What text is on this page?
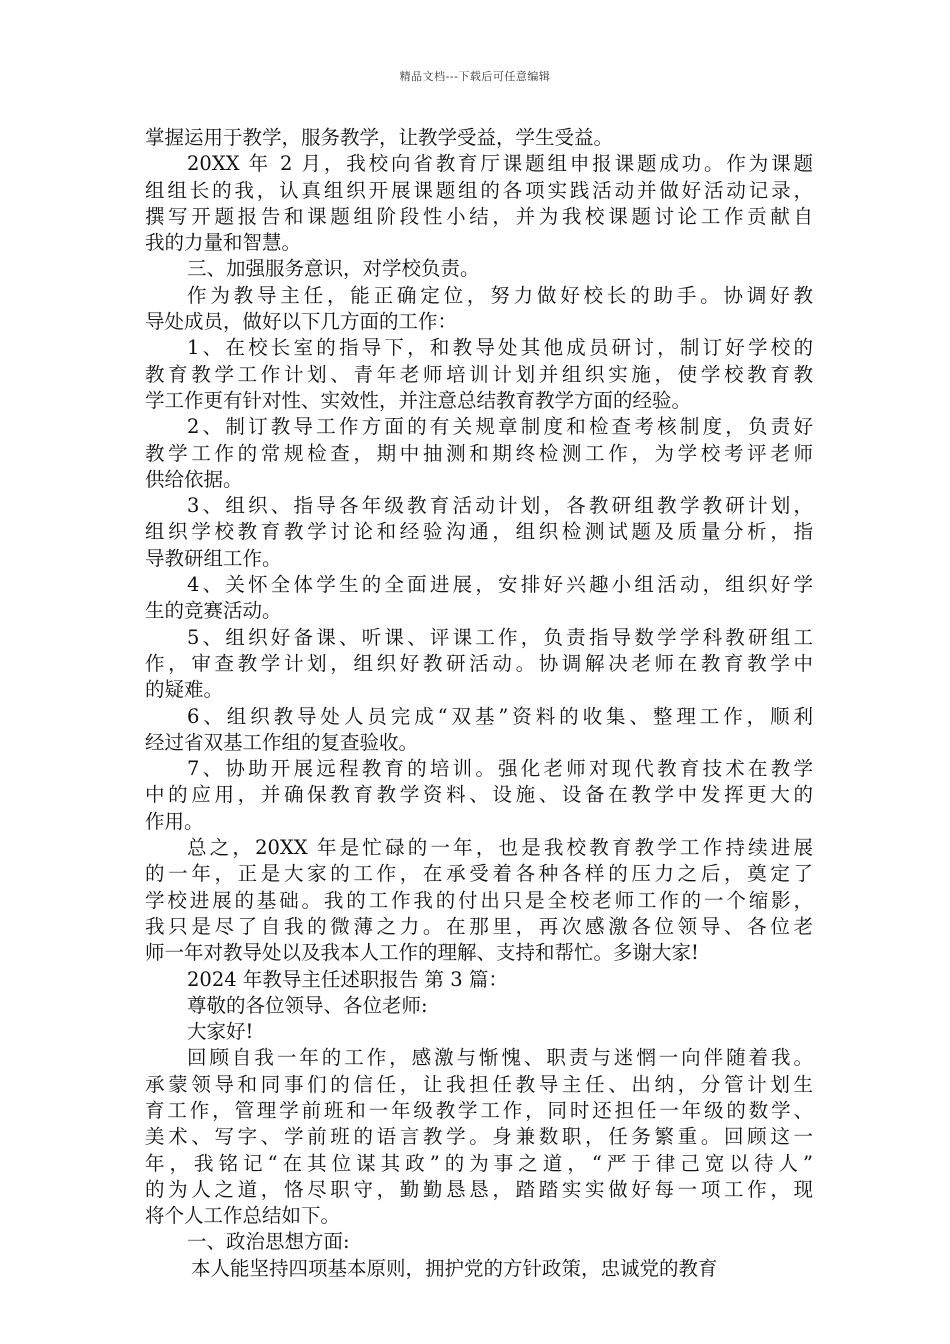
精品文档---下载后可任意编辑
掌握运用于教学，服务教学，让教学受益，学生受益。
20XX 年 2 月，我校向省教育厅课题组申报课题成功。作为课题
组组长的我，认真组织开展课题组的各项实践活动并做好活动记录，
撰写开题报告和课题组阶段性小结，并为我校课题讨论工作贡献自
我的力量和智慧。
三、加强服务意识，对学校负责。
作为教导主任，能正确定位，努力做好校长的助手。协调好教
导处成员，做好以下几方面的工作：
1、在校长室的指导下，和教导处其他成员研讨，制订好学校的
教育教学工作计划、青年老师培训计划并组织实施，使学校教育教
学工作更有针对性、实效性，并注意总结教育教学方面的经验。
2、制订教导工作方面的有关规章制度和检查考核制度，负责好
教学工作的常规检查，期中抽测和期终检测工作，为学校考评老师
供给依据。
3、组织、指导各年级教育活动计划，各教研组教学教研计划，
组织学校教育教学讨论和经验沟通，组织检测试题及质量分析，指
导教研组工作。
4、关怀全体学生的全面进展，安排好兴趣小组活动，组织好学
生的竞赛活动。
5、组织好备课、听课、评课工作，负责指导数学学科教研组工
作，审查教学计划，组织好教研活动。协调解决老师在教育教学中
的疑难。
6、组织教导处人员完成“双基”资料的收集、整理工作，顺利
经过省双基工作组的复查验收。
7、协助开展远程教育的培训。强化老师对现代教育技术在教学
中的应用，并确保教育教学资料、设施、设备在教学中发挥更大的
作用。
总之，20XX 年是忙碌的一年，也是我校教育教学工作持续进展
的一年，正是大家的工作，在承受着各种各样的压力之后，奠定了
学校进展的基础。我的工作我的付出只是全校老师工作的一个缩影，
我只是尽了自我的微薄之力。在那里，再次感激各位领导、各位老
师一年对教导处以及我本人工作的理解、支持和帮忙。多谢大家!
2024 年教导主任述职报告 第 3 篇：
尊敬的各位领导、各位老师:
大家好!
回顾自我一年的工作，感激与惭愧、职责与迷惘一向伴随着我。
承蒙领导和同事们的信任，让我担任教导主任、出纳，分管计划生
育工作，管理学前班和一年级教学工作，同时还担任一年级的数学、
美术、写字、学前班的语言教学。身兼数职，任务繁重。回顾这一
年，我铭记“在其位谋其政”的为事之道，“严于律己宽以待人”
的为人之道，恪尽职守，勤勤恳恳，踏踏实实做好每一项工作，现
将个人工作总结如下。
一、政治思想方面:
本人能坚持四项基本原则，拥护党的方针政策，忠诚党的教育
